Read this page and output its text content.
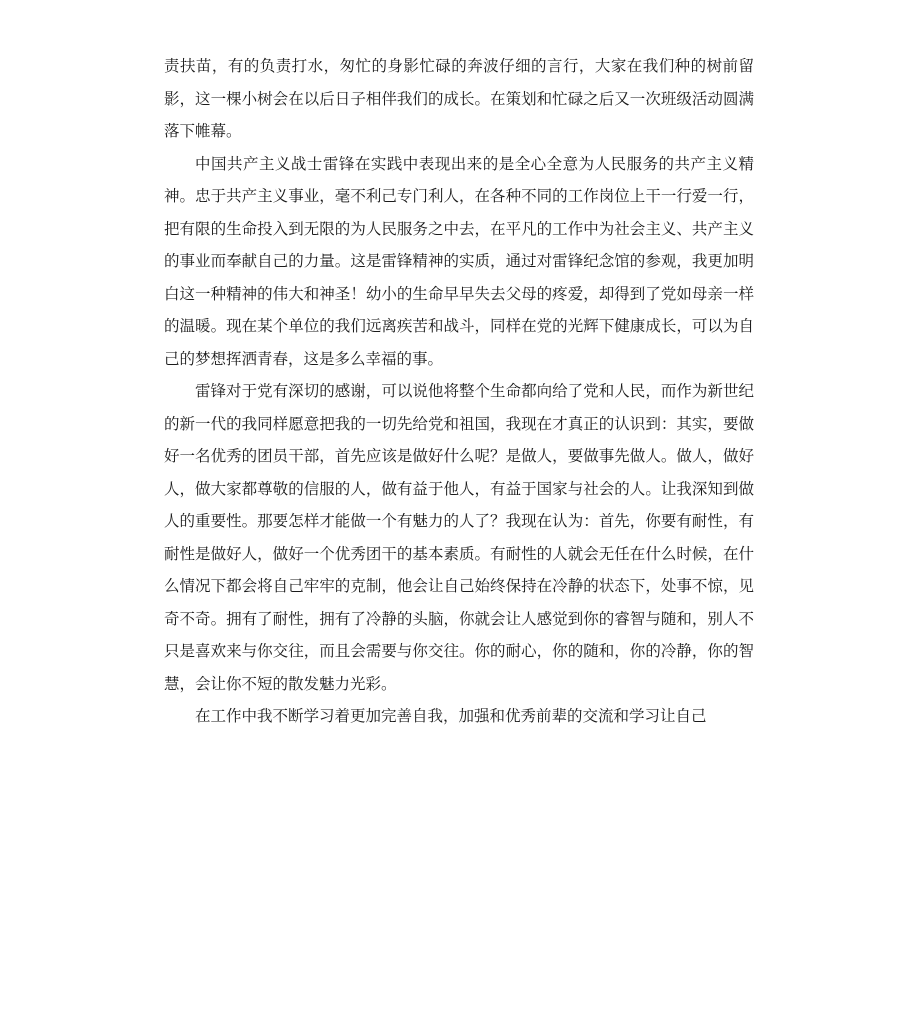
责扶苗，有的负责打水，匆忙的身影忙碌的奔波仔细的言行，大家在我们种的树前留影，这一棵小树会在以后日子相伴我们的成长。在策划和忙碌之后又一次班级活动圆满落下帷幕。

中国共产主义战士雷锋在实践中表现出来的是全心全意为人民服务的共产主义精神。忠于共产主义事业，毫不利己专门利人，在各种不同的工作岗位上干一行爱一行，把有限的生命投入到无限的为人民服务之中去，在平凡的工作中为社会主义、共产主义的事业而奉献自己的力量。这是雷锋精神的实质，通过对雷锋纪念馆的参观，我更加明白这一种精神的伟大和神圣！幼小的生命早早失去父母的疼爱，却得到了党如母亲一样的温暖。现在某个单位的我们远离疾苦和战斗，同样在党的光辉下健康成长，可以为自己的梦想挥洒青春，这是多么幸福的事。

雷锋对于党有深切的感谢，可以说他将整个生命都向给了党和人民，而作为新世纪的新一代的我同样愿意把我的一切先给党和祖国，我现在才真正的认识到：其实，要做好一名优秀的团员干部，首先应该是做好什么呢？是做人，要做事先做人。做人，做好人，做大家都尊敬的信服的人，做有益于他人，有益于国家与社会的人。让我深知到做人的重要性。那要怎样才能做一个有魅力的人了？我现在认为：首先，你要有耐性，有耐性是做好人，做好一个优秀团干的基本素质。有耐性的人就会无任在什么时候，在什么情况下都会将自己牢牢的克制，他会让自己始终保持在冷静的状态下，处事不惊，见奇不奇。拥有了耐性，拥有了冷静的头脑，你就会让人感觉到你的睿智与随和，别人不只是喜欢来与你交往，而且会需要与你交往。你的耐心，你的随和，你的冷静，你的智慧，会让你不短的散发魅力光彩。

在工作中我不断学习着更加完善自我，加强和优秀前辈的交流和学习让自己
